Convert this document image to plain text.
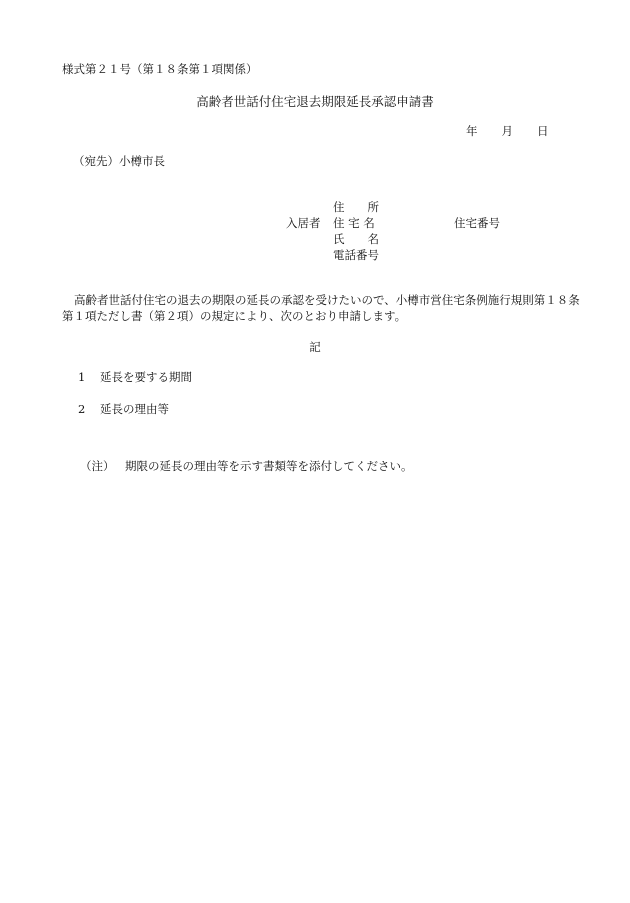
様式第２１号（第１８条第１項関係）
高齢者世話付住宅退去期限延長承認申請書
年 月 日
（宛先）小樽市長
入居者
住　　所
住 宅 名
氏　　名
電話番号
住宅番号
高齢者世話付住宅の退去の期限の延長の承認を受けたいので、小樽市営住宅条例施行規則第１８条第１項ただし書（第２項）の規定により、次のとおり申請します。
記
1 延長を要する期間
2 延長の理由等
（注） 期限の延長の理由等を示す書類等を添付してください。
